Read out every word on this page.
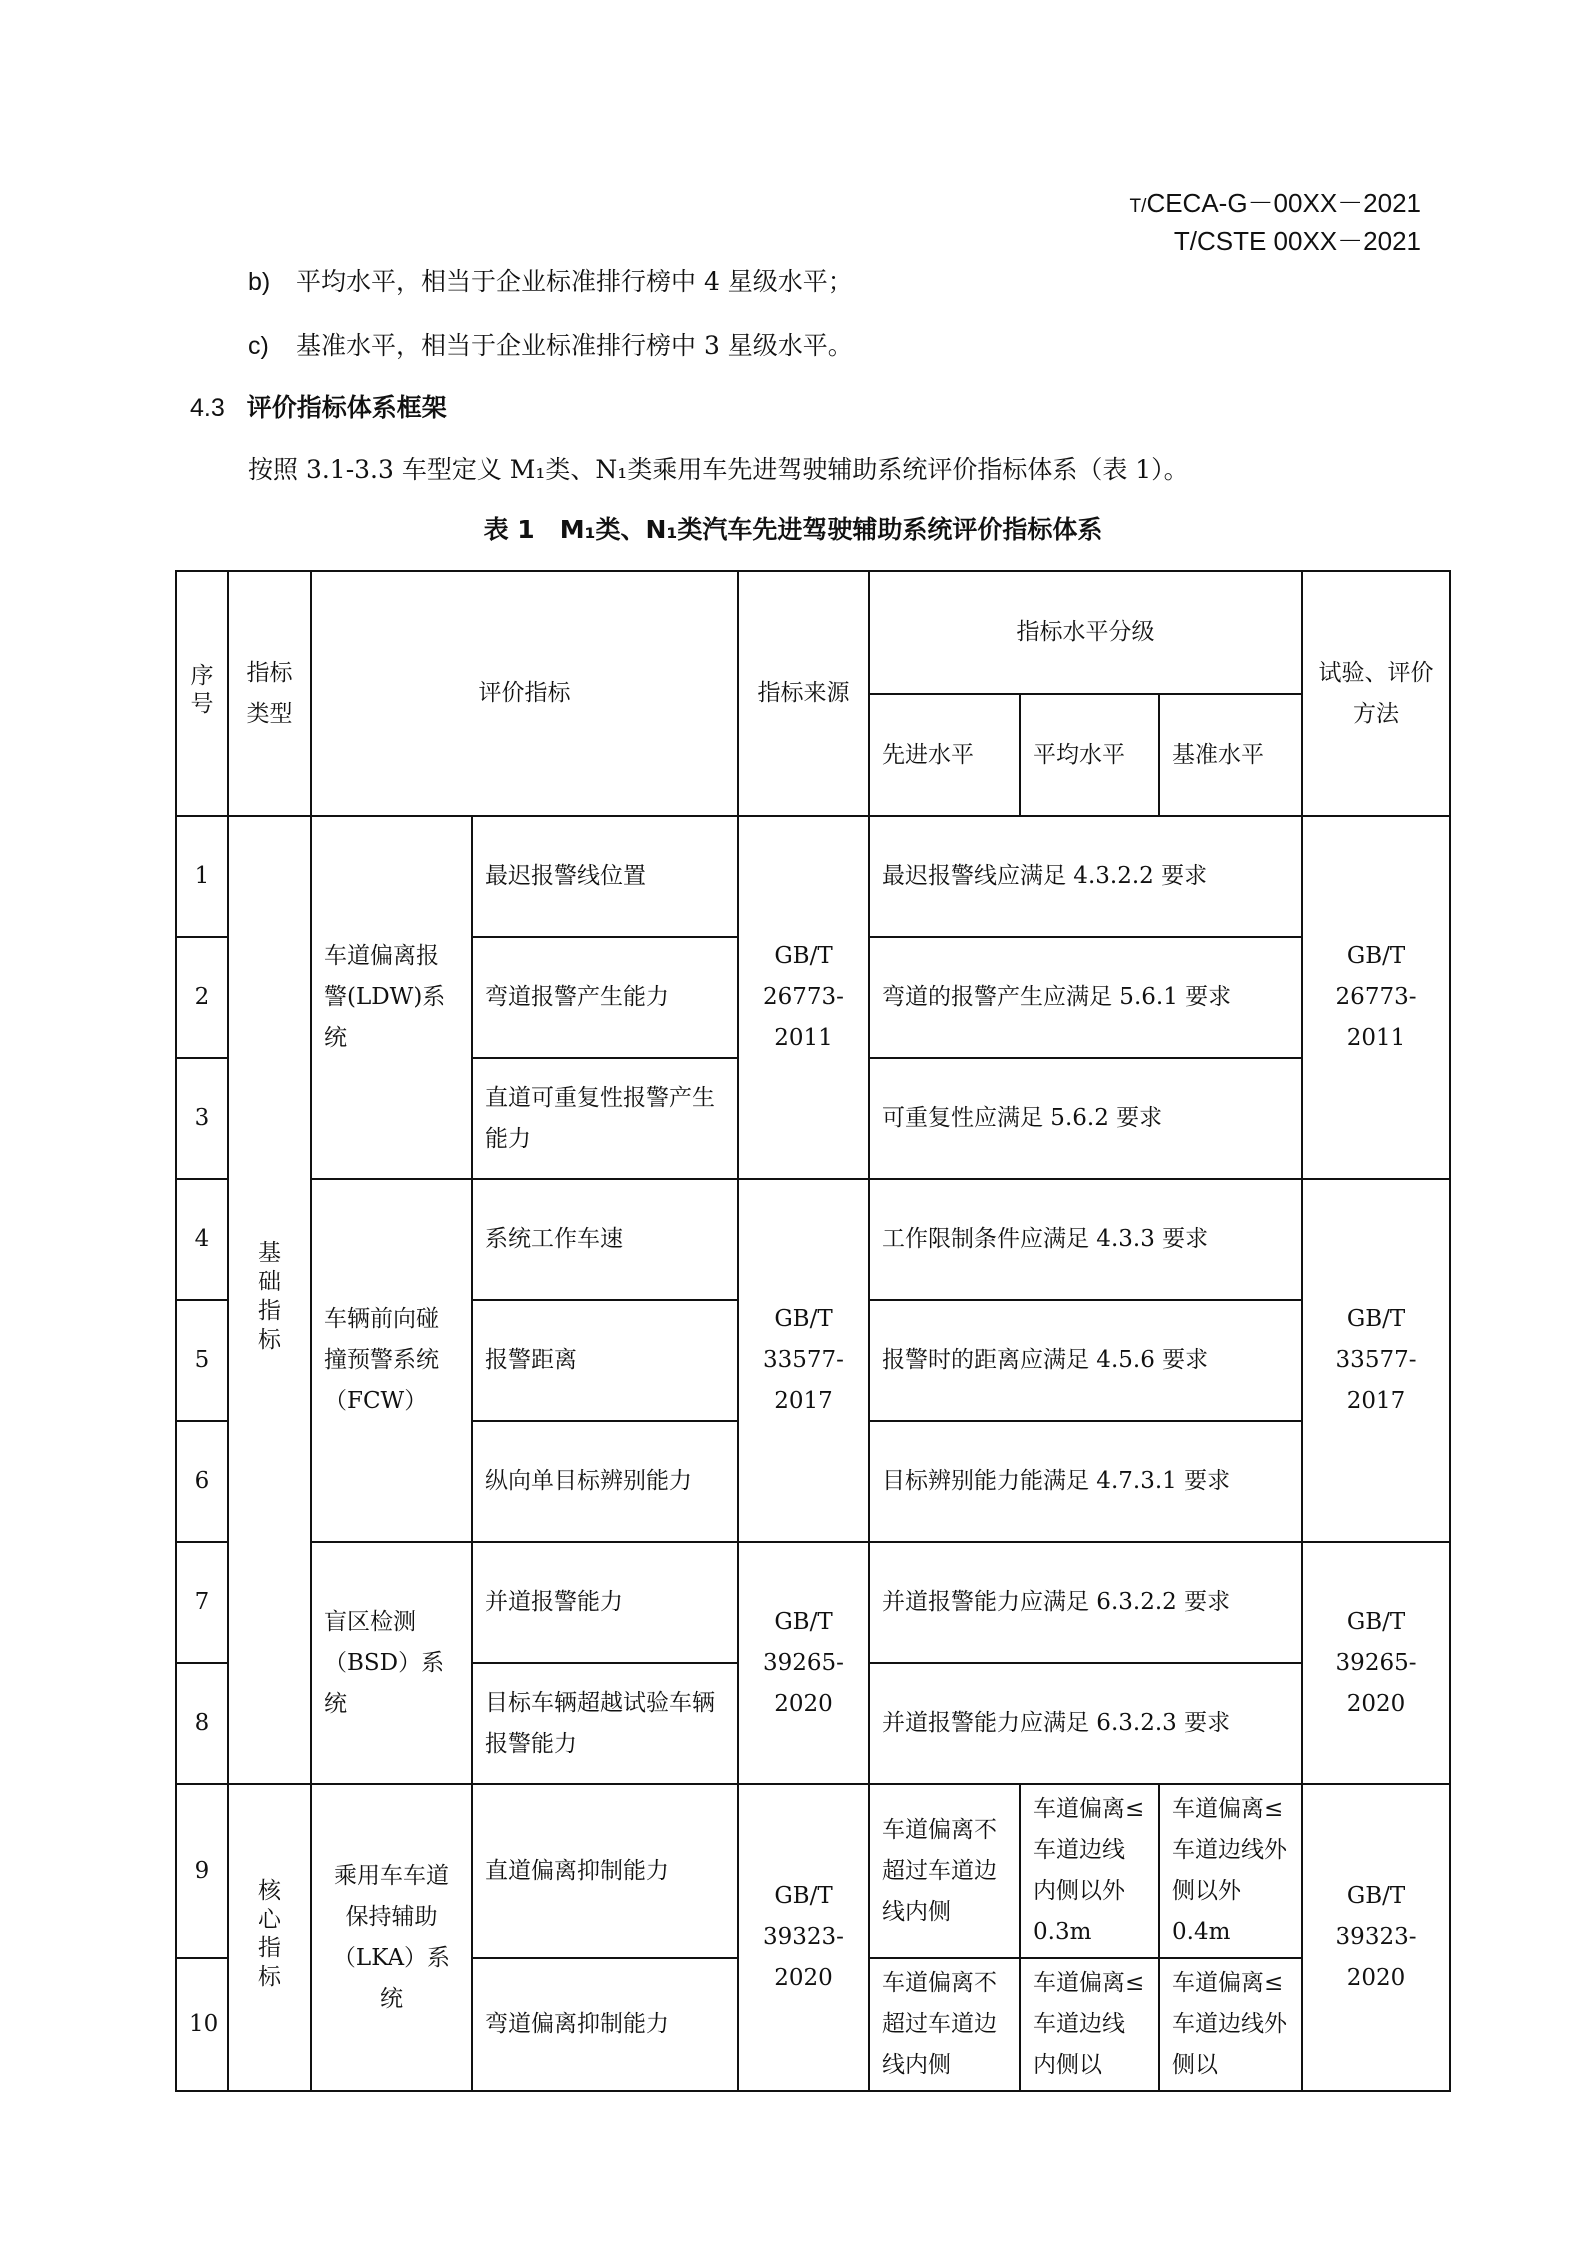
T/CECA-G－00XX－2021
T/CSTE 00XX－2021
b) 平均水平，相当于企业标准排行榜中 4 星级水平；
c) 基准水平，相当于企业标准排行榜中 3 星级水平。
4.3 评价指标体系框架
按照 3.1-3.3 车型定义 M₁类、N₁类乘用车先进驾驶辅助系统评价指标体系（表 1）。
表 1　M₁类、N₁类汽车先进驾驶辅助系统评价指标体系
序号	指标类型	评价指标		指标来源	指标水平分级			试验、评价方法
					先进水平	平均水平	基准水平	
1	基础指标	车道偏离报警(LDW)系统	最迟报警线位置	GB/T 26773-2011	最迟报警线应满足 4.3.2.2 要求			GB/T 26773-2011
2			弯道报警产生能力		弯道的报警产生应满足 5.6.1 要求			
3			直道可重复性报警产生能力		可重复性应满足 5.6.2 要求			
4		车辆前向碰撞预警系统（FCW）	系统工作车速	GB/T 33577-2017	工作限制条件应满足 4.3.3 要求			GB/T 33577-2017
5			报警距离		报警时的距离应满足 4.5.6 要求			
6			纵向单目标辨别能力		目标辨别能力能满足 4.7.3.1 要求			
7		盲区检测（BSD）系统	并道报警能力	GB/T 39265-2020	并道报警能力应满足 6.3.2.2 要求			GB/T 39265-2020
8			目标车辆超越试验车辆报警能力		并道报警能力应满足 6.3.2.3 要求			
9	核心指标	乘用车车道保持辅助（LKA）系统	直道偏离抑制能力	GB/T 39323-2020	车道偏离不超过车道边线内侧	车道偏离≤车道边线内侧以外 0.3m	车道偏离≤车道边线外侧以外 0.4m	GB/T 39323-2020
10			弯道偏离抑制能力		车道偏离不超过车道边线内侧	车道偏离≤车道边线内侧以	车道偏离≤车道边线外侧以	
